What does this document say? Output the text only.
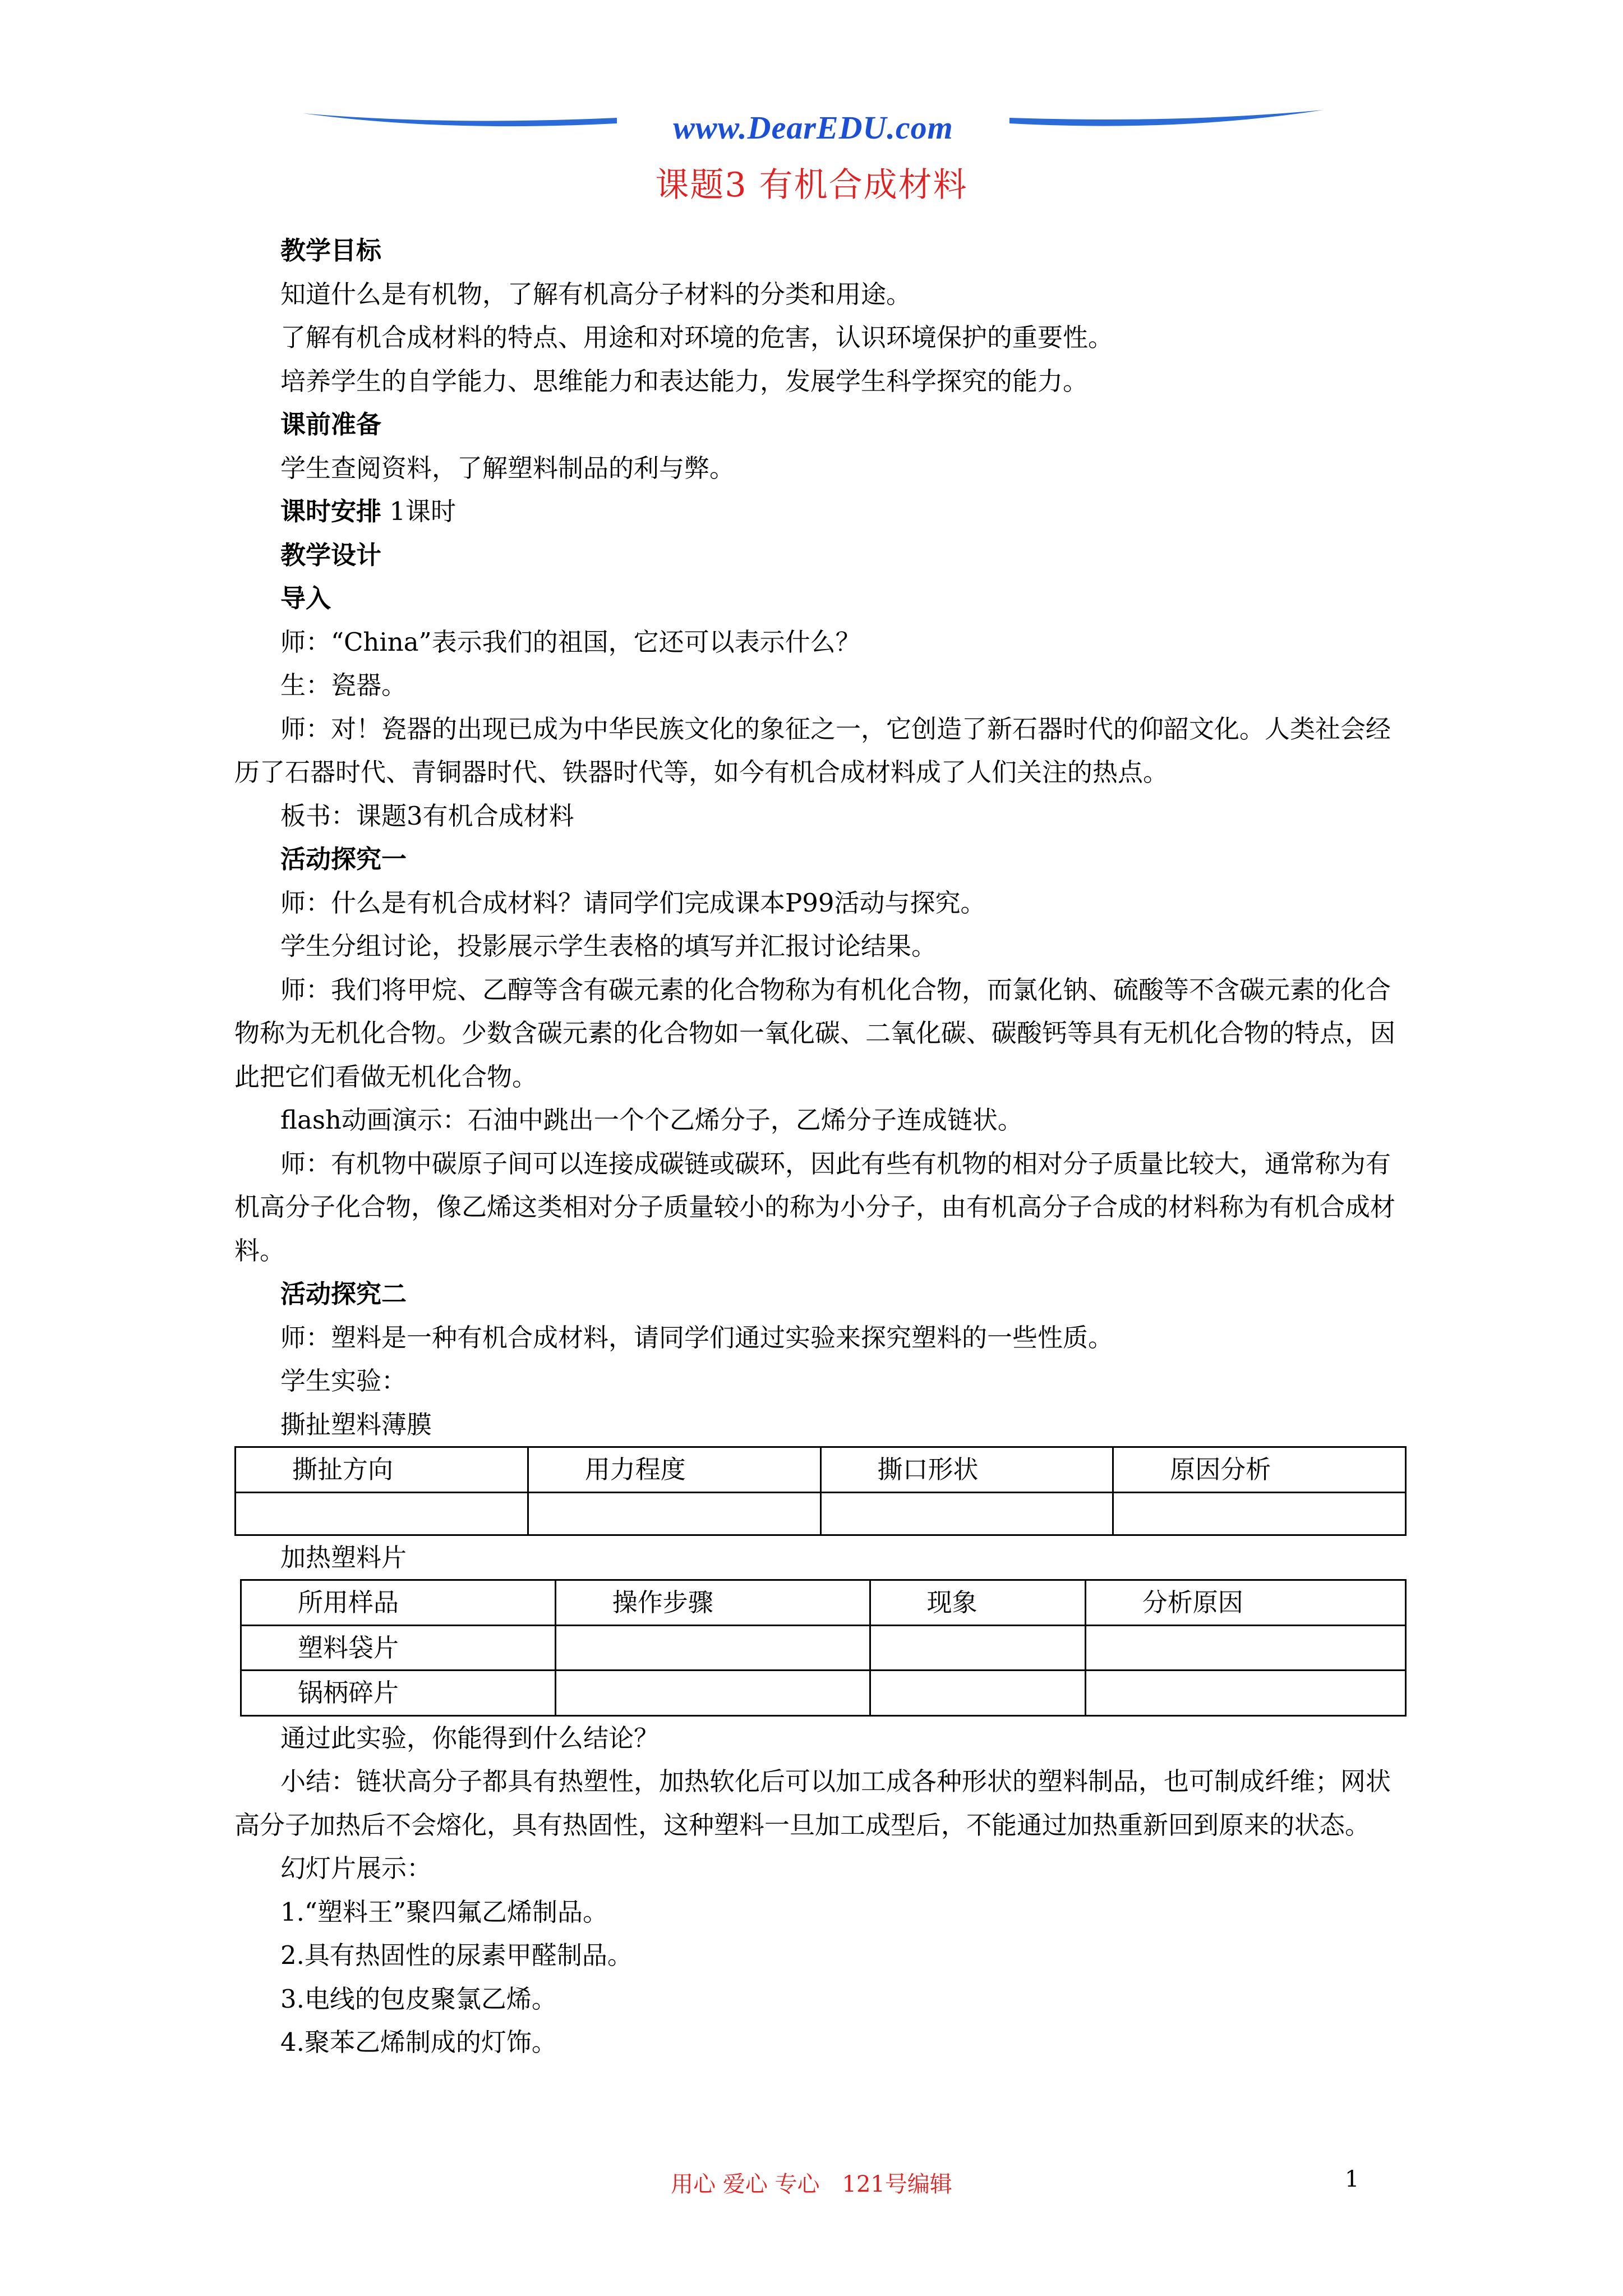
www.DearEDU.com
课题3 有机合成材料

教学目标

知道什么是有机物，了解有机高分子材料的分类和用途。

了解有机合成材料的特点、用途和对环境的危害，认识环境保护的重要性。

培养学生的自学能力、思维能力和表达能力，发展学生科学探究的能力。

课前准备

学生查阅资料，了解塑料制品的利与弊。

课时安排 1课时

教学设计

导入

师：“China”表示我们的祖国，它还可以表示什么？

生：瓷器。

师：对！瓷器的出现已成为中华民族文化的象征之一，它创造了新石器时代的仰韶文化。人类社会经历了石器时代、青铜器时代、铁器时代等，如今有机合成材料成了人们关注的热点。

板书：课题3有机合成材料

活动探究一

师：什么是有机合成材料？请同学们完成课本P99活动与探究。

学生分组讨论，投影展示学生表格的填写并汇报讨论结果。

师：我们将甲烷、乙醇等含有碳元素的化合物称为有机化合物，而氯化钠、硫酸等不含碳元素的化合物称为无机化合物。少数含碳元素的化合物如一氧化碳、二氧化碳、碳酸钙等具有无机化合物的特点，因此把它们看做无机化合物。

flash动画演示：石油中跳出一个个乙烯分子，乙烯分子连成链状。

师：有机物中碳原子间可以连接成碳链或碳环，因此有些有机物的相对分子质量比较大，通常称为有机高分子化合物，像乙烯这类相对分子质量较小的称为小分子，由有机高分子合成的材料称为有机合成材料。

活动探究二

师：塑料是一种有机合成材料，请同学们通过实验来探究塑料的一些性质。

学生实验：

撕扯塑料薄膜

撕扯方向	用力程度	撕口形状	原因分析

加热塑料片

所用样品	操作步骤	现象	分析原因
塑料袋片			
锅柄碎片			

通过此实验，你能得到什么结论？

小结：链状高分子都具有热塑性，加热软化后可以加工成各种形状的塑料制品，也可制成纤维；网状高分子加热后不会熔化，具有热固性，这种塑料一旦加工成型后，不能通过加热重新回到原来的状态。

幻灯片展示：

1.“塑料王”聚四氟乙烯制品。

2.具有热固性的尿素甲醛制品。

3.电线的包皮聚氯乙烯。

4.聚苯乙烯制成的灯饰。

用心 爱心 专心　121号编辑	1
